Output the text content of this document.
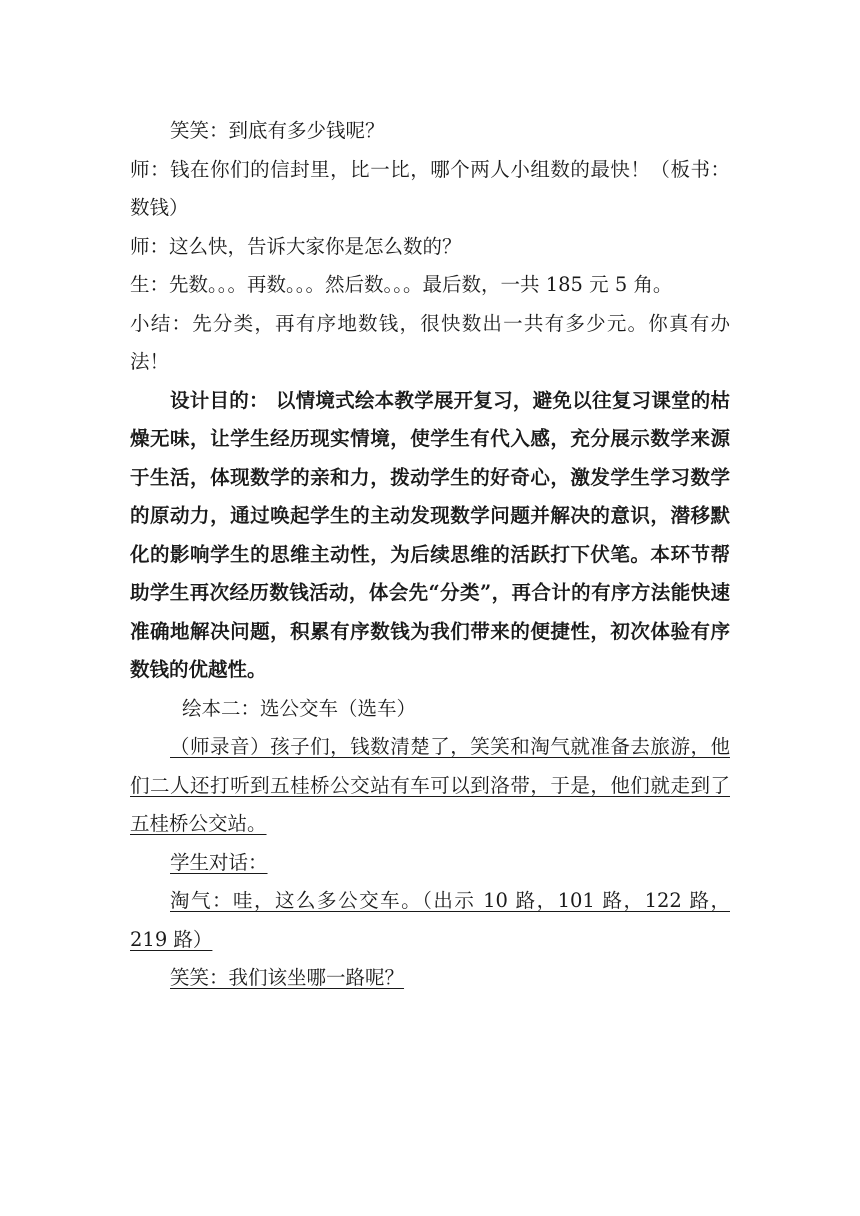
笑笑：到底有多少钱呢？

师：钱在你们的信封里，比一比，哪个两人小组数的最快！（板书：数钱）

师：这么快，告诉大家你是怎么数的？

生：先数。。。再数。。。然后数。。。最后数，一共 185 元 5 角。

小结：先分类，再有序地数钱，很快数出一共有多少元。你真有办法！

设计目的： 以情境式绘本教学展开复习，避免以往复习课堂的枯燥无味，让学生经历现实情境，使学生有代入感，充分展示数学来源于生活，体现数学的亲和力，拨动学生的好奇心，激发学生学习数学的原动力，通过唤起学生的主动发现数学问题并解决的意识，潜移默化的影响学生的思维主动性，为后续思维的活跃打下伏笔。本环节帮助学生再次经历数钱活动，体会先“分类”，再合计的有序方法能快速准确地解决问题，积累有序数钱为我们带来的便捷性，初次体验有序数钱的优越性。

绘本二：选公交车（选车）

（师录音）孩子们，钱数清楚了，笑笑和淘气就准备去旅游，他们二人还打听到五桂桥公交站有车可以到洛带，于是，他们就走到了五桂桥公交站。

学生对话：

淘气：哇，这么多公交车。（出示 10 路，101 路，122 路，219 路）

笑笑：我们该坐哪一路呢？
